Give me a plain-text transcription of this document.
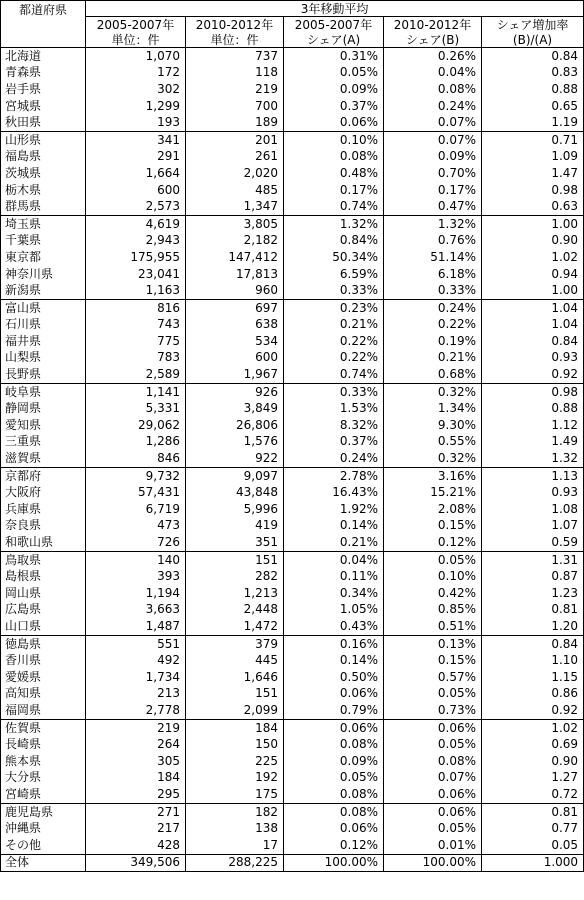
都道府県	3年移動平均				
	2005-2007年	2010-2012年	2005-2007年	2010-2012年	シェア増加率
	単位：件	単位：件	シェア(A)	シェア(B)	(B)/(A)
北海道	1,070	737	0.31%	0.26%	0.84
青森県	172	118	0.05%	0.04%	0.83
岩手県	302	219	0.09%	0.08%	0.88
宮城県	1,299	700	0.37%	0.24%	0.65
秋田県	193	189	0.06%	0.07%	1.19
山形県	341	201	0.10%	0.07%	0.71
福島県	291	261	0.08%	0.09%	1.09
茨城県	1,664	2,020	0.48%	0.70%	1.47
栃木県	600	485	0.17%	0.17%	0.98
群馬県	2,573	1,347	0.74%	0.47%	0.63
埼玉県	4,619	3,805	1.32%	1.32%	1.00
千葉県	2,943	2,182	0.84%	0.76%	0.90
東京都	175,955	147,412	50.34%	51.14%	1.02
神奈川県	23,041	17,813	6.59%	6.18%	0.94
新潟県	1,163	960	0.33%	0.33%	1.00
富山県	816	697	0.23%	0.24%	1.04
石川県	743	638	0.21%	0.22%	1.04
福井県	775	534	0.22%	0.19%	0.84
山梨県	783	600	0.22%	0.21%	0.93
長野県	2,589	1,967	0.74%	0.68%	0.92
岐阜県	1,141	926	0.33%	0.32%	0.98
静岡県	5,331	3,849	1.53%	1.34%	0.88
愛知県	29,062	26,806	8.32%	9.30%	1.12
三重県	1,286	1,576	0.37%	0.55%	1.49
滋賀県	846	922	0.24%	0.32%	1.32
京都府	9,732	9,097	2.78%	3.16%	1.13
大阪府	57,431	43,848	16.43%	15.21%	0.93
兵庫県	6,719	5,996	1.92%	2.08%	1.08
奈良県	473	419	0.14%	0.15%	1.07
和歌山県	726	351	0.21%	0.12%	0.59
鳥取県	140	151	0.04%	0.05%	1.31
島根県	393	282	0.11%	0.10%	0.87
岡山県	1,194	1,213	0.34%	0.42%	1.23
広島県	3,663	2,448	1.05%	0.85%	0.81
山口県	1,487	1,472	0.43%	0.51%	1.20
徳島県	551	379	0.16%	0.13%	0.84
香川県	492	445	0.14%	0.15%	1.10
愛媛県	1,734	1,646	0.50%	0.57%	1.15
高知県	213	151	0.06%	0.05%	0.86
福岡県	2,778	2,099	0.79%	0.73%	0.92
佐賀県	219	184	0.06%	0.06%	1.02
長崎県	264	150	0.08%	0.05%	0.69
熊本県	305	225	0.09%	0.08%	0.90
大分県	184	192	0.05%	0.07%	1.27
宮崎県	295	175	0.08%	0.06%	0.72
鹿児島県	271	182	0.08%	0.06%	0.81
沖縄県	217	138	0.06%	0.05%	0.77
その他	428	17	0.12%	0.01%	0.05
全体	349,506	288,225	100.00%	100.00%	1.000
